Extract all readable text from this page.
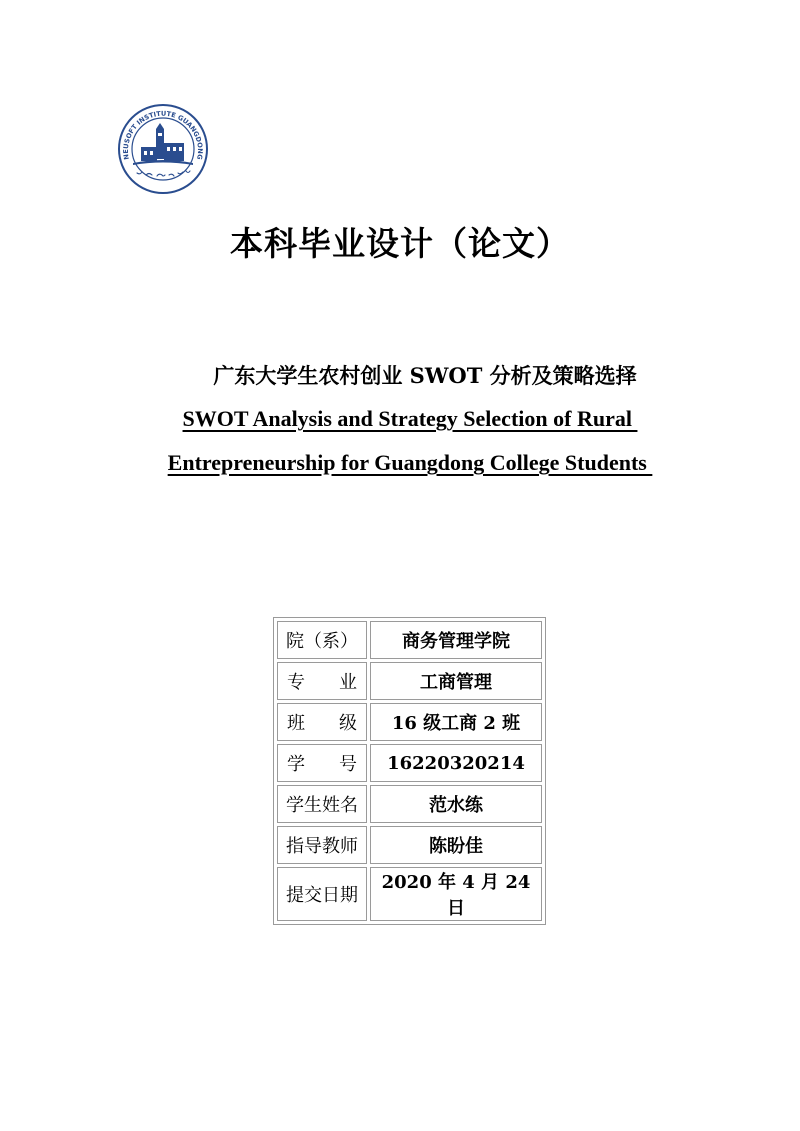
NEUSOFT INSTITUTE GUANGDONG
本科毕业设计（论文）
广东大学生农村创业 SWOT 分析及策略选择
SWOT Analysis and Strategy Selection of Rural
Entrepreneurship for Guangdong College Students
院（系）	商务管理学院
专　业	工商管理
班　级	16 级工商 2 班
学　号	16220320214
学生姓名	范水练
指导教师	陈盼佳
提交日期	2020 年 4 月 24 日
